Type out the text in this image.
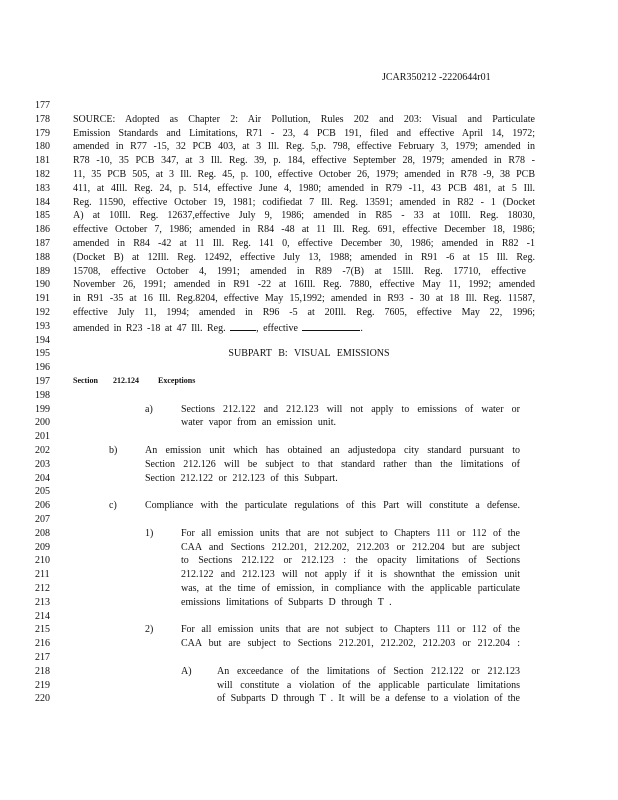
JCAR350212 -2220644r01
177
178 SOURCE: Adopted as Chapter 2: Air Pollution, Rules 202 and 203: Visual and Particulate
179 Emission Standards and Limitations, R71 - 23, 4 PCB 191, filed and effective April 14, 1972;
180 amended in R77 -15, 32 PCB 403, at 3 Ill. Reg. 5,p. 798, effective February 3, 1979; amended in
181 R78 -10, 35 PCB 347, at 3 Ill. Reg. 39, p. 184, effective September 28, 1979; amended in R78 -
182 11, 35 PCB 505, at 3 Ill. Reg. 45, p. 100, effective October 26, 1979; amended in R78 -9, 38 PCB
183 411, at 4Ill. Reg. 24, p. 514, effective June 4, 1980; amended in R79 -11, 43 PCB 481, at 5 Ill.
184 Reg. 11590, effective October 19, 1981; codifiedat 7 Ill. Reg. 13591; amended in R82 - 1 (Docket
185 A) at 10Ill. Reg. 12637,effective July 9, 1986; amended in R85 - 33 at 10Ill. Reg. 18030,
186 effective October 7, 1986; amended in R84 -48 at 11 Ill. Reg. 691, effective December 18, 1986;
187 amended in R84 -42 at 11 Ill. Reg. 141 0, effective December 30, 1986; amended in R82 -1
188 (Docket B) at 12Ill. Reg. 12492, effective July 13, 1988; amended in R91 -6 at 15 Ill. Reg.
189 15708, effective October 4, 1991; amended in R89 -7(B) at 15Ill. Reg. 17710, effective
190 November 26, 1991; amended in R91 -22 at 16Ill. Reg. 7880, effective May 11, 1992; amended
191 in R91 -35 at 16 Ill. Reg.8204, effective May 15,1992; amended in R93 - 30 at 18 Ill. Reg. 11587,
192 effective July 11, 1994; amended in R96 -5 at 20Ill. Reg. 7605, effective May 22, 1996;
193 amended in R23 -18 at 47 Ill. Reg.	, effective	.
194
195	SUBPART B: VISUAL EMISSIONS
196
197	Section 212.124 Exceptions
198
199	a)	Sections 212.122 and 212.123 will not apply to emissions of water or
200	water vapor from an emission unit.
201
202	b)	An emission unit which has obtained an adjustedopa city standard pursuant to
203	Section 212.126 will be subject to that standard rather than the limitations of
204	Section 212.122 or 212.123 of this Subpart.
205
206	c)	Compliance with the particulate regulations of this Part will constitute a defense.
207
208	1)	For all emission units that are not subject to Chapters 111 or 112 of the
209	CAA and Sections 212.201, 212.202, 212.203 or 212.204 but are subject
210	to Sections 212.122 or 212.123 : the opacity limitations of Sections
211	212.122 and 212.123 will not apply if it is shownthat the emission unit
212	was, at the time of emission, in compliance with the applicable particulate
213	emissions limitations of Subparts D through T .
214
215	2)	For all emission units that are not subject to Chapters 111 or 112 of the
216	CAA but are subject to Sections 212.201, 212.202, 212.203 or 212.204 :
217
218	A)	An exceedance of the limitations of Section 212.122 or 212.123
219	will constitute a violation of the applicable particulate limitations
220	of Subparts D through T . It will be a defense to a violation of the
